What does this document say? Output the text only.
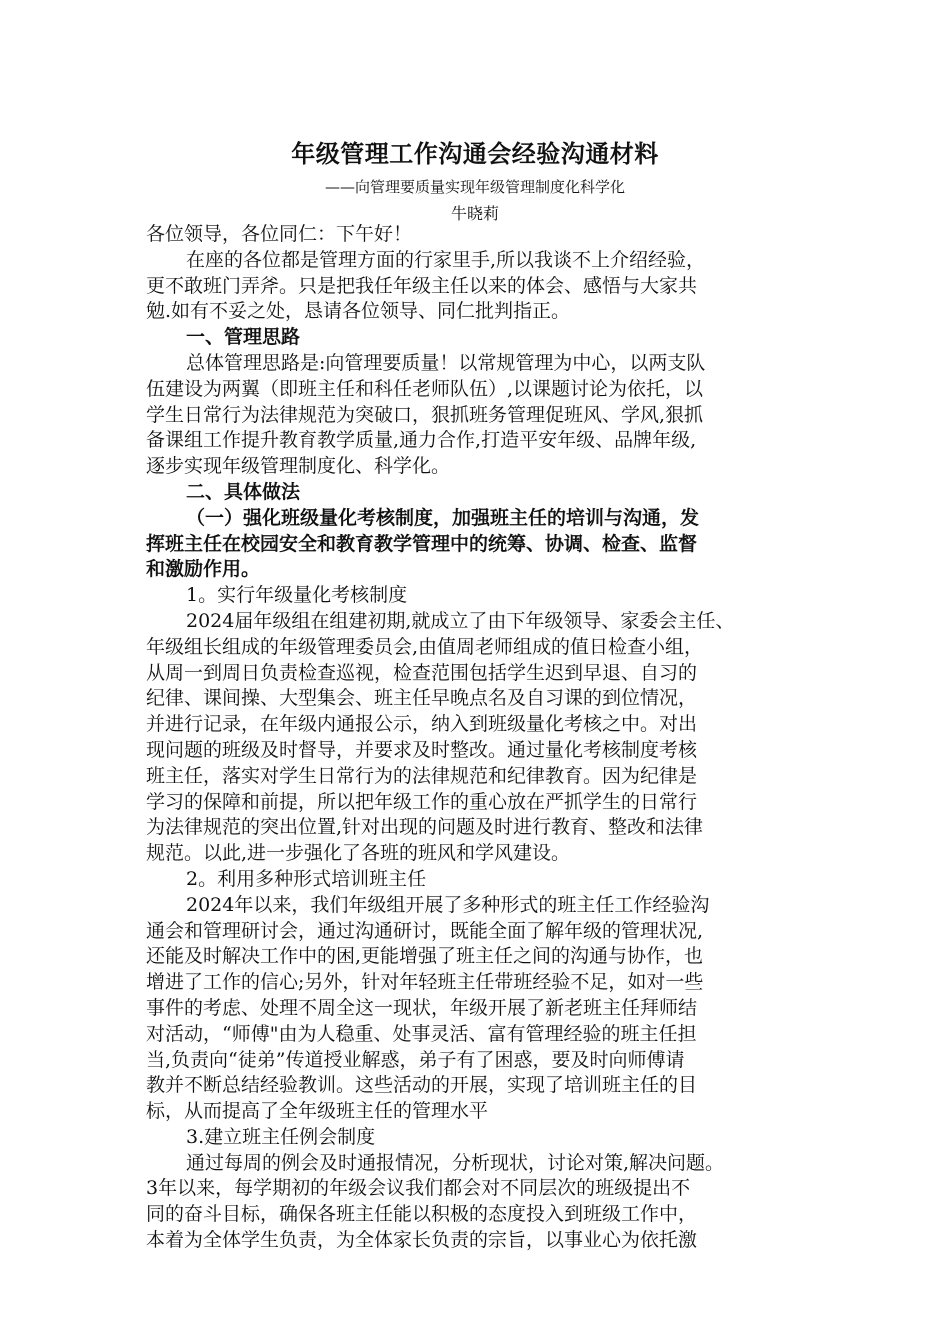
年级管理工作沟通会经验沟通材料
——向管理要质量实现年级管理制度化科学化
牛晓莉
各位领导，各位同仁：下午好！
在座的各位都是管理方面的行家里手,所以我谈不上介绍经验，
更不敢班门弄斧。只是把我任年级主任以来的体会、感悟与大家共
勉.如有不妥之处，恳请各位领导、同仁批判指正。
一、管理思路
总体管理思路是:向管理要质量！以常规管理为中心，以两支队
伍建设为两翼（即班主任和科任老师队伍）,以课题讨论为依托，以
学生日常行为法律规范为突破口，狠抓班务管理促班风、学风,狠抓
备课组工作提升教育教学质量,通力合作,打造平安年级、品牌年级,
逐步实现年级管理制度化、科学化。
二、具体做法
（一）强化班级量化考核制度，加强班主任的培训与沟通，发
挥班主任在校园安全和教育教学管理中的统筹、协调、检查、监督
和激励作用。
1。实行年级量化考核制度
2024届年级组在组建初期,就成立了由下年级领导、家委会主任、
年级组长组成的年级管理委员会,由值周老师组成的值日检查小组，
从周一到周日负责检查巡视，检查范围包括学生迟到早退、自习的
纪律、课间操、大型集会、班主任早晚点名及自习课的到位情况，
并进行记录，在年级内通报公示，纳入到班级量化考核之中。对出
现问题的班级及时督导，并要求及时整改。通过量化考核制度考核
班主任，落实对学生日常行为的法律规范和纪律教育。因为纪律是
学习的保障和前提，所以把年级工作的重心放在严抓学生的日常行
为法律规范的突出位置,针对出现的问题及时进行教育、整改和法律
规范。以此,进一步强化了各班的班风和学风建设。
2。利用多种形式培训班主任
2024年以来，我们年级组开展了多种形式的班主任工作经验沟
通会和管理研讨会，通过沟通研讨，既能全面了解年级的管理状况,
还能及时解决工作中的困,更能增强了班主任之间的沟通与协作，也
增进了工作的信心;另外，针对年轻班主任带班经验不足，如对一些
事件的考虑、处理不周全这一现状，年级开展了新老班主任拜师结
对活动，“师傅"由为人稳重、处事灵活、富有管理经验的班主任担
当,负责向“徒弟”传道授业解惑，弟子有了困惑，要及时向师傅请
教并不断总结经验教训。这些活动的开展，实现了培训班主任的目
标，从而提高了全年级班主任的管理水平
3.建立班主任例会制度
通过每周的例会及时通报情况，分析现状，讨论对策,解决问题。
3年以来，每学期初的年级会议我们都会对不同层次的班级提出不
同的奋斗目标，确保各班主任能以积极的态度投入到班级工作中，
本着为全体学生负责，为全体家长负责的宗旨，以事业心为依托激
